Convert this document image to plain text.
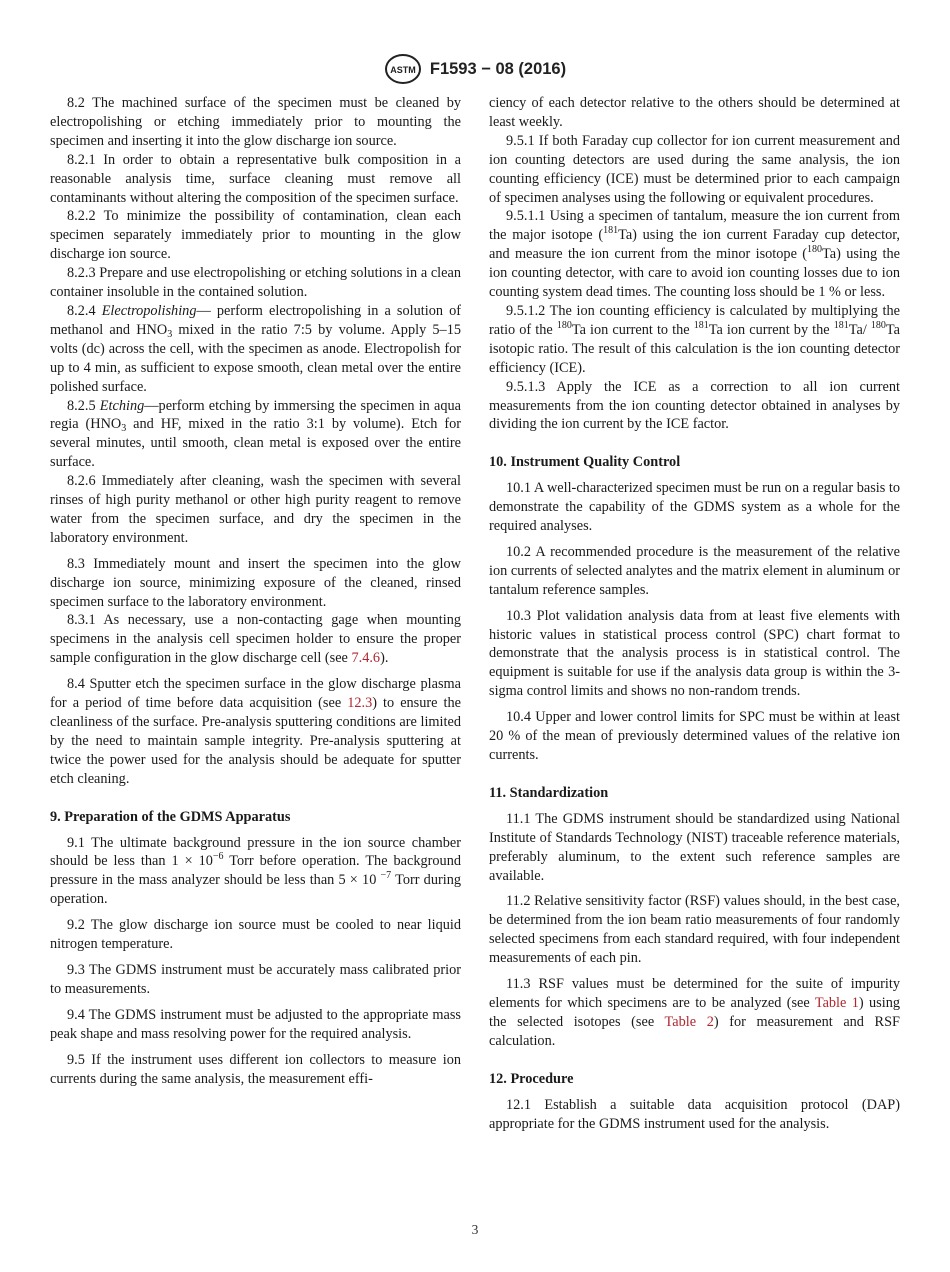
ASTM F1593 − 08 (2016)

8.2 The machined surface of the specimen must be cleaned by electropolishing or etching immediately prior to mounting the specimen and inserting it into the glow discharge ion source.

8.2.1 In order to obtain a representative bulk composition in a reasonable analysis time, surface cleaning must remove all contaminants without altering the composition of the specimen surface.

8.2.2 To minimize the possibility of contamination, clean each specimen separately immediately prior to mounting in the glow discharge ion source.

8.2.3 Prepare and use electropolishing or etching solutions in a clean container insoluble in the contained solution.

8.2.4 Electropolishing— perform electropolishing in a solution of methanol and $HNO_3$ mixed in the ratio 7:5 by volume. Apply 5–15 volts (dc) across the cell, with the specimen as anode. Electropolish for up to 4 min, as sufficient to expose smooth, clean metal over the entire polished surface.

8.2.5 Etching—perform etching by immersing the specimen in aqua regia ($HNO_3$ and HF, mixed in the ratio 3:1 by volume). Etch for several minutes, until smooth, clean metal is exposed over the entire surface.

8.2.6 Immediately after cleaning, wash the specimen with several rinses of high purity methanol or other high purity reagent to remove water from the specimen surface, and dry the specimen in the laboratory environment.

8.3 Immediately mount and insert the specimen into the glow discharge ion source, minimizing exposure of the cleaned, rinsed specimen surface to the laboratory environment.

8.3.1 As necessary, use a non-contacting gage when mounting specimens in the analysis cell specimen holder to ensure the proper sample configuration in the glow discharge cell (see 7.4.6).

8.4 Sputter etch the specimen surface in the glow discharge plasma for a period of time before data acquisition (see 12.3) to ensure the cleanliness of the surface. Pre-analysis sputtering conditions are limited by the need to maintain sample integrity. Pre-analysis sputtering at twice the power used for the analysis should be adequate for sputter etch cleaning.

9. Preparation of the GDMS Apparatus

9.1 The ultimate background pressure in the ion source chamber should be less than $1 \times 10^{-6}$ Torr before operation. The background pressure in the mass analyzer should be less than 5 × 10 $^{-7}$ Torr during operation.

9.2 The glow discharge ion source must be cooled to near liquid nitrogen temperature.

9.3 The GDMS instrument must be accurately mass calibrated prior to measurements.

9.4 The GDMS instrument must be adjusted to the appropriate mass peak shape and mass resolving power for the required analysis.

9.5 If the instrument uses different ion collectors to measure ion currents during the same analysis, the measurement effi-

ciency of each detector relative to the others should be determined at least weekly.

9.5.1 If both Faraday cup collector for ion current measurement and ion counting detectors are used during the same analysis, the ion counting efficiency (ICE) must be determined prior to each campaign of specimen analyses using the following or equivalent procedures.

9.5.1.1 Using a specimen of tantalum, measure the ion current from the major isotope ($^{181}$Ta) using the ion current Faraday cup detector, and measure the ion current from the minor isotope ($^{180}$Ta) using the ion counting detector, with care to avoid ion counting losses due to ion counting system dead times. The counting loss should be 1 % or less.

9.5.1.2 The ion counting efficiency is calculated by multiplying the ratio of the $^{180}$Ta ion current to the $^{181}$Ta ion current by the $^{181}$Ta/ $^{180}$Ta isotopic ratio. The result of this calculation is the ion counting detector efficiency (ICE).

9.5.1.3 Apply the ICE as a correction to all ion current measurements from the ion counting detector obtained in analyses by dividing the ion current by the ICE factor.

10. Instrument Quality Control

10.1 A well-characterized specimen must be run on a regular basis to demonstrate the capability of the GDMS system as a whole for the required analyses.

10.2 A recommended procedure is the measurement of the relative ion currents of selected analytes and the matrix element in aluminum or tantalum reference samples.

10.3 Plot validation analysis data from at least five elements with historic values in statistical process control (SPC) chart format to demonstrate that the analysis process is in statistical control. The equipment is suitable for use if the analysis data group is within the 3-sigma control limits and shows no non-random trends.

10.4 Upper and lower control limits for SPC must be within at least 20 % of the mean of previously determined values of the relative ion currents.

11. Standardization

11.1 The GDMS instrument should be standardized using National Institute of Standards Technology (NIST) traceable reference materials, preferably aluminum, to the extent such reference samples are available.

11.2 Relative sensitivity factor (RSF) values should, in the best case, be determined from the ion beam ratio measurements of four randomly selected specimens from each standard required, with four independent measurements of each pin.

11.3 RSF values must be determined for the suite of impurity elements for which specimens are to be analyzed (see Table 1) using the selected isotopes (see Table 2) for measurement and RSF calculation.

12. Procedure

12.1 Establish a suitable data acquisition protocol (DAP) appropriate for the GDMS instrument used for the analysis.

3
